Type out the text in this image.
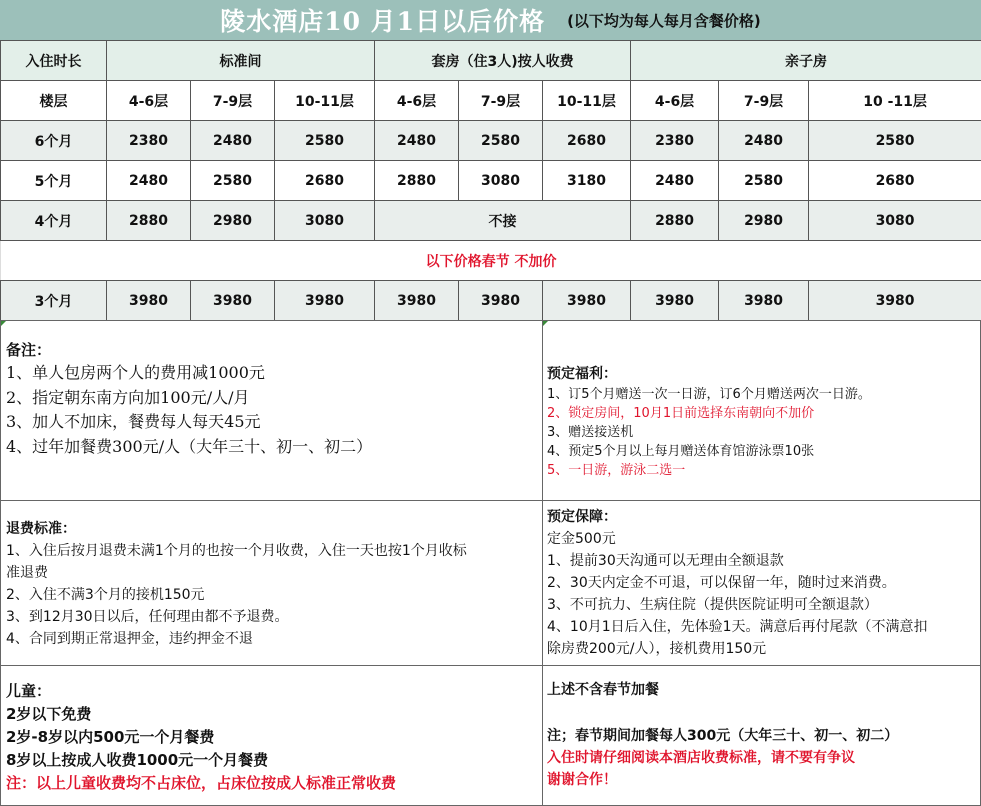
陵水酒店10 月1日以后价格 (以下均为每人每月含餐价格)
入住时长	标准间			套房（住3人)按人收费			亲子房		
楼层	4-6层	7-9层	10-11层	4-6层	7-9层	10-11层	4-6层	7-9层	10 -11层
6个月	2380	2480	2580	2480	2580	2680	2380	2480	2580
5个月	2480	2580	2680	2880	3080	3180	2480	2580	2680
4个月	2880	2980	3080	不接			2880	2980	3080
以下价格春节 不加价									
3个月	3980	3980	3980	3980	3980	3980	3980	3980	3980
备注：
1、单人包房两个人的费用减1000元
2、指定朝东南方向加100元/人/月
3、加人不加床，餐费每人每天45元
4、过年加餐费300元/人（大年三十、初一、初二）
预定福利：
1、订5个月赠送一次一日游，订6个月赠送两次一日游。
2、锁定房间，10月1日前选择东南朝向不加价
3、赠送接送机
4、预定5个月以上每月赠送体育馆游泳票10张
5、一日游，游泳二选一
退费标准：
1、入住后按月退费未满1个月的也按一个月收费，入住一天也按1个月收标
准退费
2、入住不满3个月的接机150元
3、到12月30日以后，任何理由都不予退费。
4、合同到期正常退押金，违约押金不退
预定保障：
定金500元
1、提前30天沟通可以无理由全额退款
2、30天内定金不可退，可以保留一年，随时过来消费。
3、不可抗力、生病住院（提供医院证明可全额退款）
4、10月1日后入住，先体验1天。满意后再付尾款（不满意扣
除房费200元/人），接机费用150元
儿童：
2岁以下免费
2岁-8岁以内500元一个月餐费
8岁以上按成人收费1000元一个月餐费
注：以上儿童收费均不占床位，占床位按成人标准正常收费
上述不含春节加餐
注；春节期间加餐每人300元（大年三十、初一、初二）
入住时请仔细阅读本酒店收费标准，请不要有争议
谢谢合作！
